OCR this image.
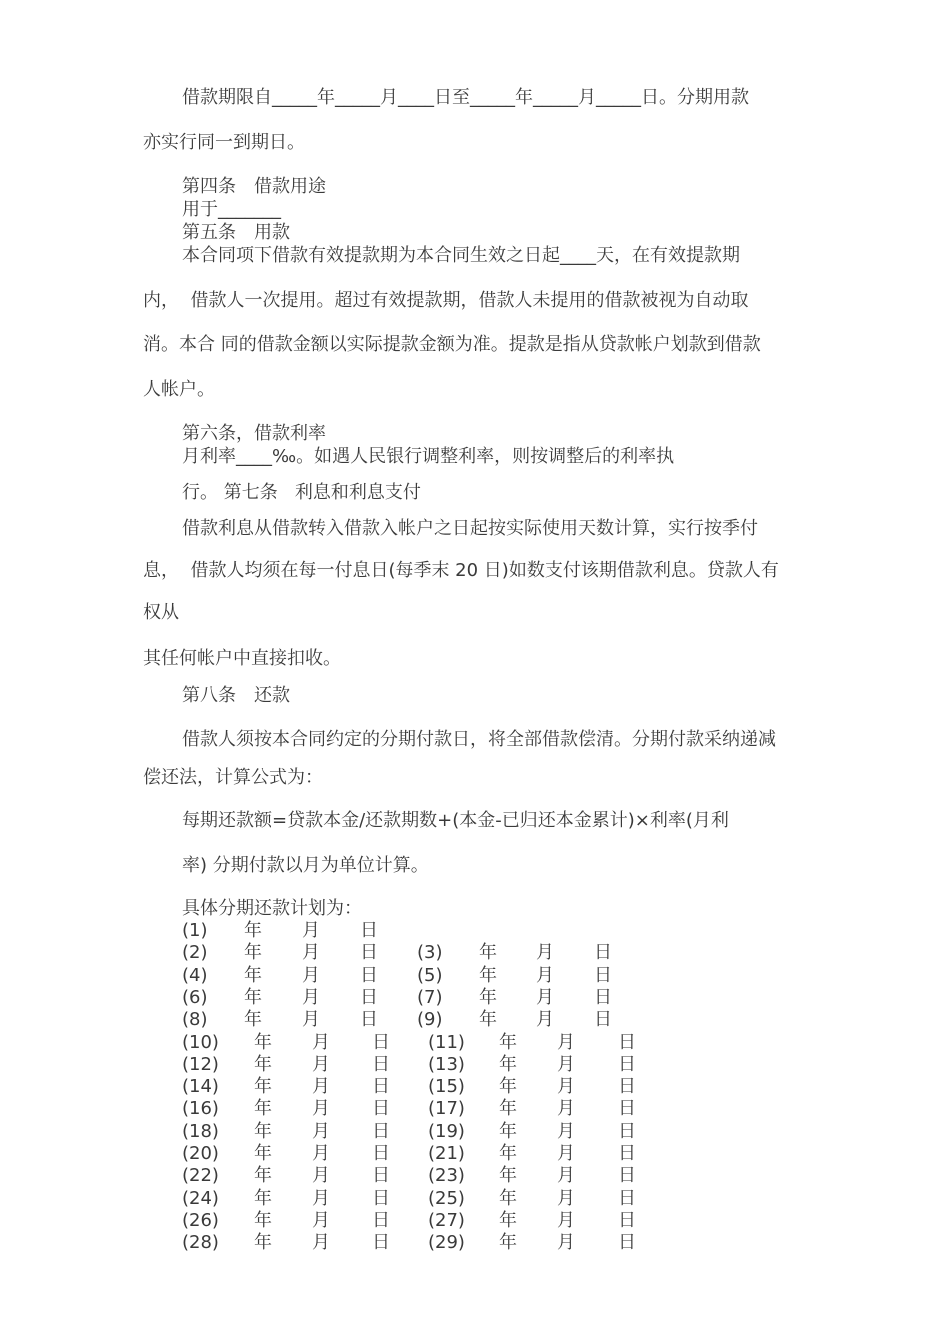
借款期限自_____年_____月____日至_____年_____月_____日。分期用款

亦实行同一到期日。

第四条　借款用途

用于_______

第五条　用款

本合同项下借款有效提款期为本合同生效之日起____天，在有效提款期

内，  借款人一次提用。超过有效提款期，借款人未提用的借款被视为自动取

消。本合 同的借款金额以实际提款金额为准。提款是指从贷款帐户划款到借款

人帐户。

第六条，借款利率

月利率____‰。如遇人民银行调整利率，则按调整后的利率执

行。 第七条   利息和利息支付

借款利息从借款转入借款入帐户之日起按实际使用天数计算，实行按季付

息，  借款人均须在每一付息日(每季末 20 日)如数支付该期借款利息。贷款人有

权从

其任何帐户中直接扣收。

第八条　还款

借款人须按本合同约定的分期付款日，将全部借款偿清。分期付款采纳递减

偿还法，计算公式为：

每期还款额=贷款本金/还款期数+(本金-已归还本金累计)×利率(月利

率) 分期付款以月为单位计算。

具体分期还款计划为：

(1) 年 月 日
(2) 年 月 日 (3) 年 月 日
(4) 年 月 日 (5) 年 月 日
(6) 年 月 日 (7) 年 月 日
(8) 年 月 日 (9) 年 月 日
(10) 年 月 日 (11) 年 月 日
(12) 年 月 日 (13) 年 月 日
(14) 年 月 日 (15) 年 月 日
(16) 年 月 日 (17) 年 月 日
(18) 年 月 日 (19) 年 月 日
(20) 年 月 日 (21) 年 月 日
(22) 年 月 日 (23) 年 月 日
(24) 年 月 日 (25) 年 月 日
(26) 年 月 日 (27) 年 月 日
(28) 年 月 日 (29) 年 月 日
